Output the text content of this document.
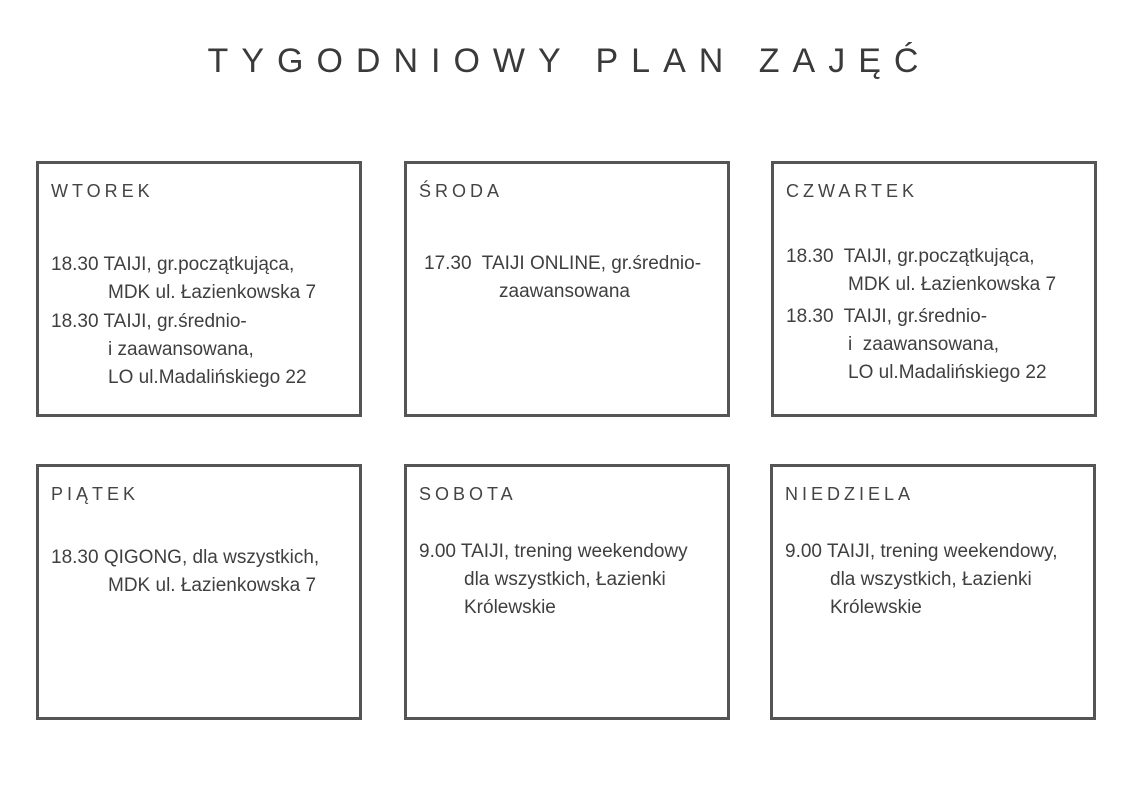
TYGODNIOWY PLAN ZAJĘĆ
WTOREK
18.30 TAIJI, gr.początkująca,
MDK ul. Łazienkowska 7
18.30 TAIJI, gr.średnio-
i zaawansowana,
LO ul.Madalińskiego 22
ŚRODA
17.30 TAIJI ONLINE, gr.średnio-
zaawansowana
CZWARTEK
18.30 TAIJI, gr.początkująca,
MDK ul. Łazienkowska 7
18.30 TAIJI, gr.średnio-
i  zaawansowana,
LO ul.Madalińskiego 22
PIĄTEK
18.30 QIGONG, dla wszystkich,
MDK ul. Łazienkowska 7
SOBOTA
9.00 TAIJI, trening weekendowy
dla wszystkich, Łazienki
Królewskie
NIEDZIELA
9.00 TAIJI, trening weekendowy,
dla wszystkich, Łazienki
Królewskie
